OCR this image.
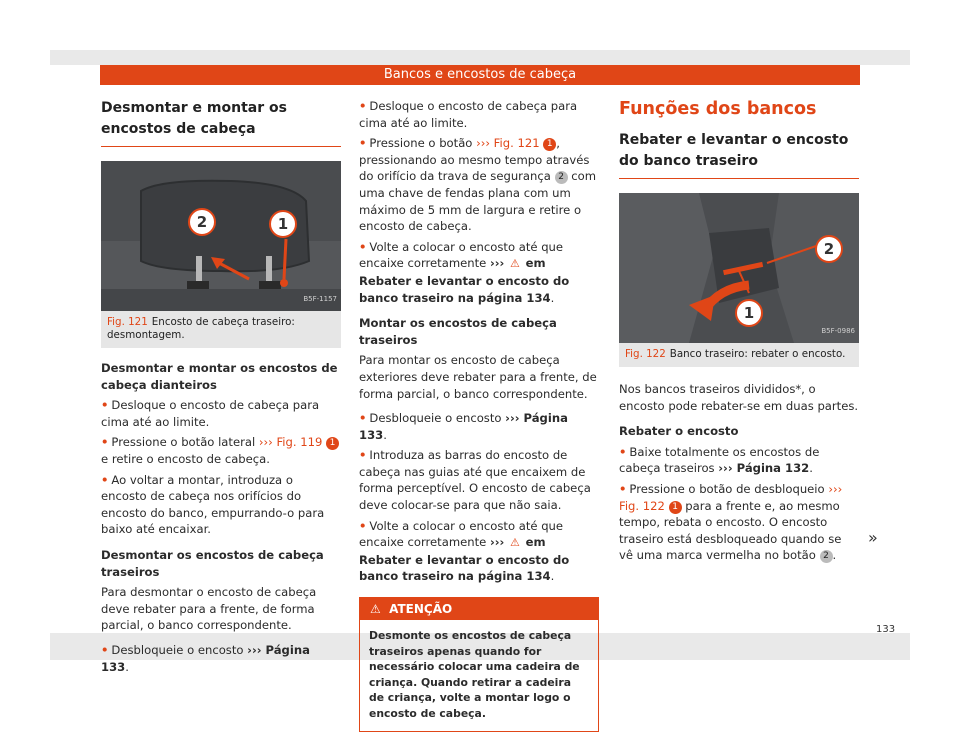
Bancos e encostos de cabeça
Desmontar e montar os encostos de cabeça
2	1
B5F-1157
Fig. 121 Encosto de cabeça traseiro: desmontagem.

Desmontar e montar os encostos de cabeça dianteiros

• Desloque o encosto de cabeça para cima até ao limite.

• Pressione o botão lateral ››› Fig. 119 1 e retire o encosto de cabeça.

• Ao voltar a montar, introduza o encosto de cabeça nos orifícios do encosto do banco, empurrando-o para baixo até encaixar.

Desmontar os encostos de cabeça traseiros

Para desmontar o encosto de cabeça deve rebater para a frente, de forma parcial, o banco correspondente.

• Desbloqueie o encosto ››› Página 133.

• Desloque o encosto de cabeça para cima até ao limite.

• Pressione o botão ››› Fig. 121 1 , pressionando ao mesmo tempo através do orifício da trava de segurança 2 com uma chave de fendas plana com um máximo de 5 mm de largura e retire o encosto de cabeça.

• Volte a colocar o encosto até que encaixe corretamente ››› ⚠ em Rebater e levantar o encosto do banco traseiro na página 134.

Montar os encostos de cabeça traseiros

Para montar os encosto de cabeça exteriores deve rebater para a frente, de forma parcial, o banco correspondente.

• Desbloqueie o encosto ››› Página 133.

• Introduza as barras do encosto de cabeça nas guias até que encaixem de forma perceptível. O encosto de cabeça deve colocar-se para que não saia.

• Volte a colocar o encosto até que encaixe corretamente ››› ⚠ em Rebater e levantar o encosto do banco traseiro na página 134.

⚠ ATENÇÃO
Desmonte os encostos de cabeça traseiros apenas quando for necessário colocar uma cadeira de criança. Quando retirar a cadeira de criança, volte a montar logo o encosto de cabeça.
Funções dos bancos
Rebater e levantar o encosto do banco traseiro
2
1
B5F-0986
Fig. 122 Banco traseiro: rebater o encosto.

Nos bancos traseiros divididos*, o encosto pode rebater-se em duas partes.

Rebater o encosto

• Baixe totalmente os encostos de cabeça traseiros ››› Página 132.

• Pressione o botão de desbloqueio ››› Fig. 122 1 para a frente e, ao mesmo tempo, rebata o encosto. O encosto traseiro está desbloqueado quando se vê uma marca vermelha no botão 2 .

»
133
